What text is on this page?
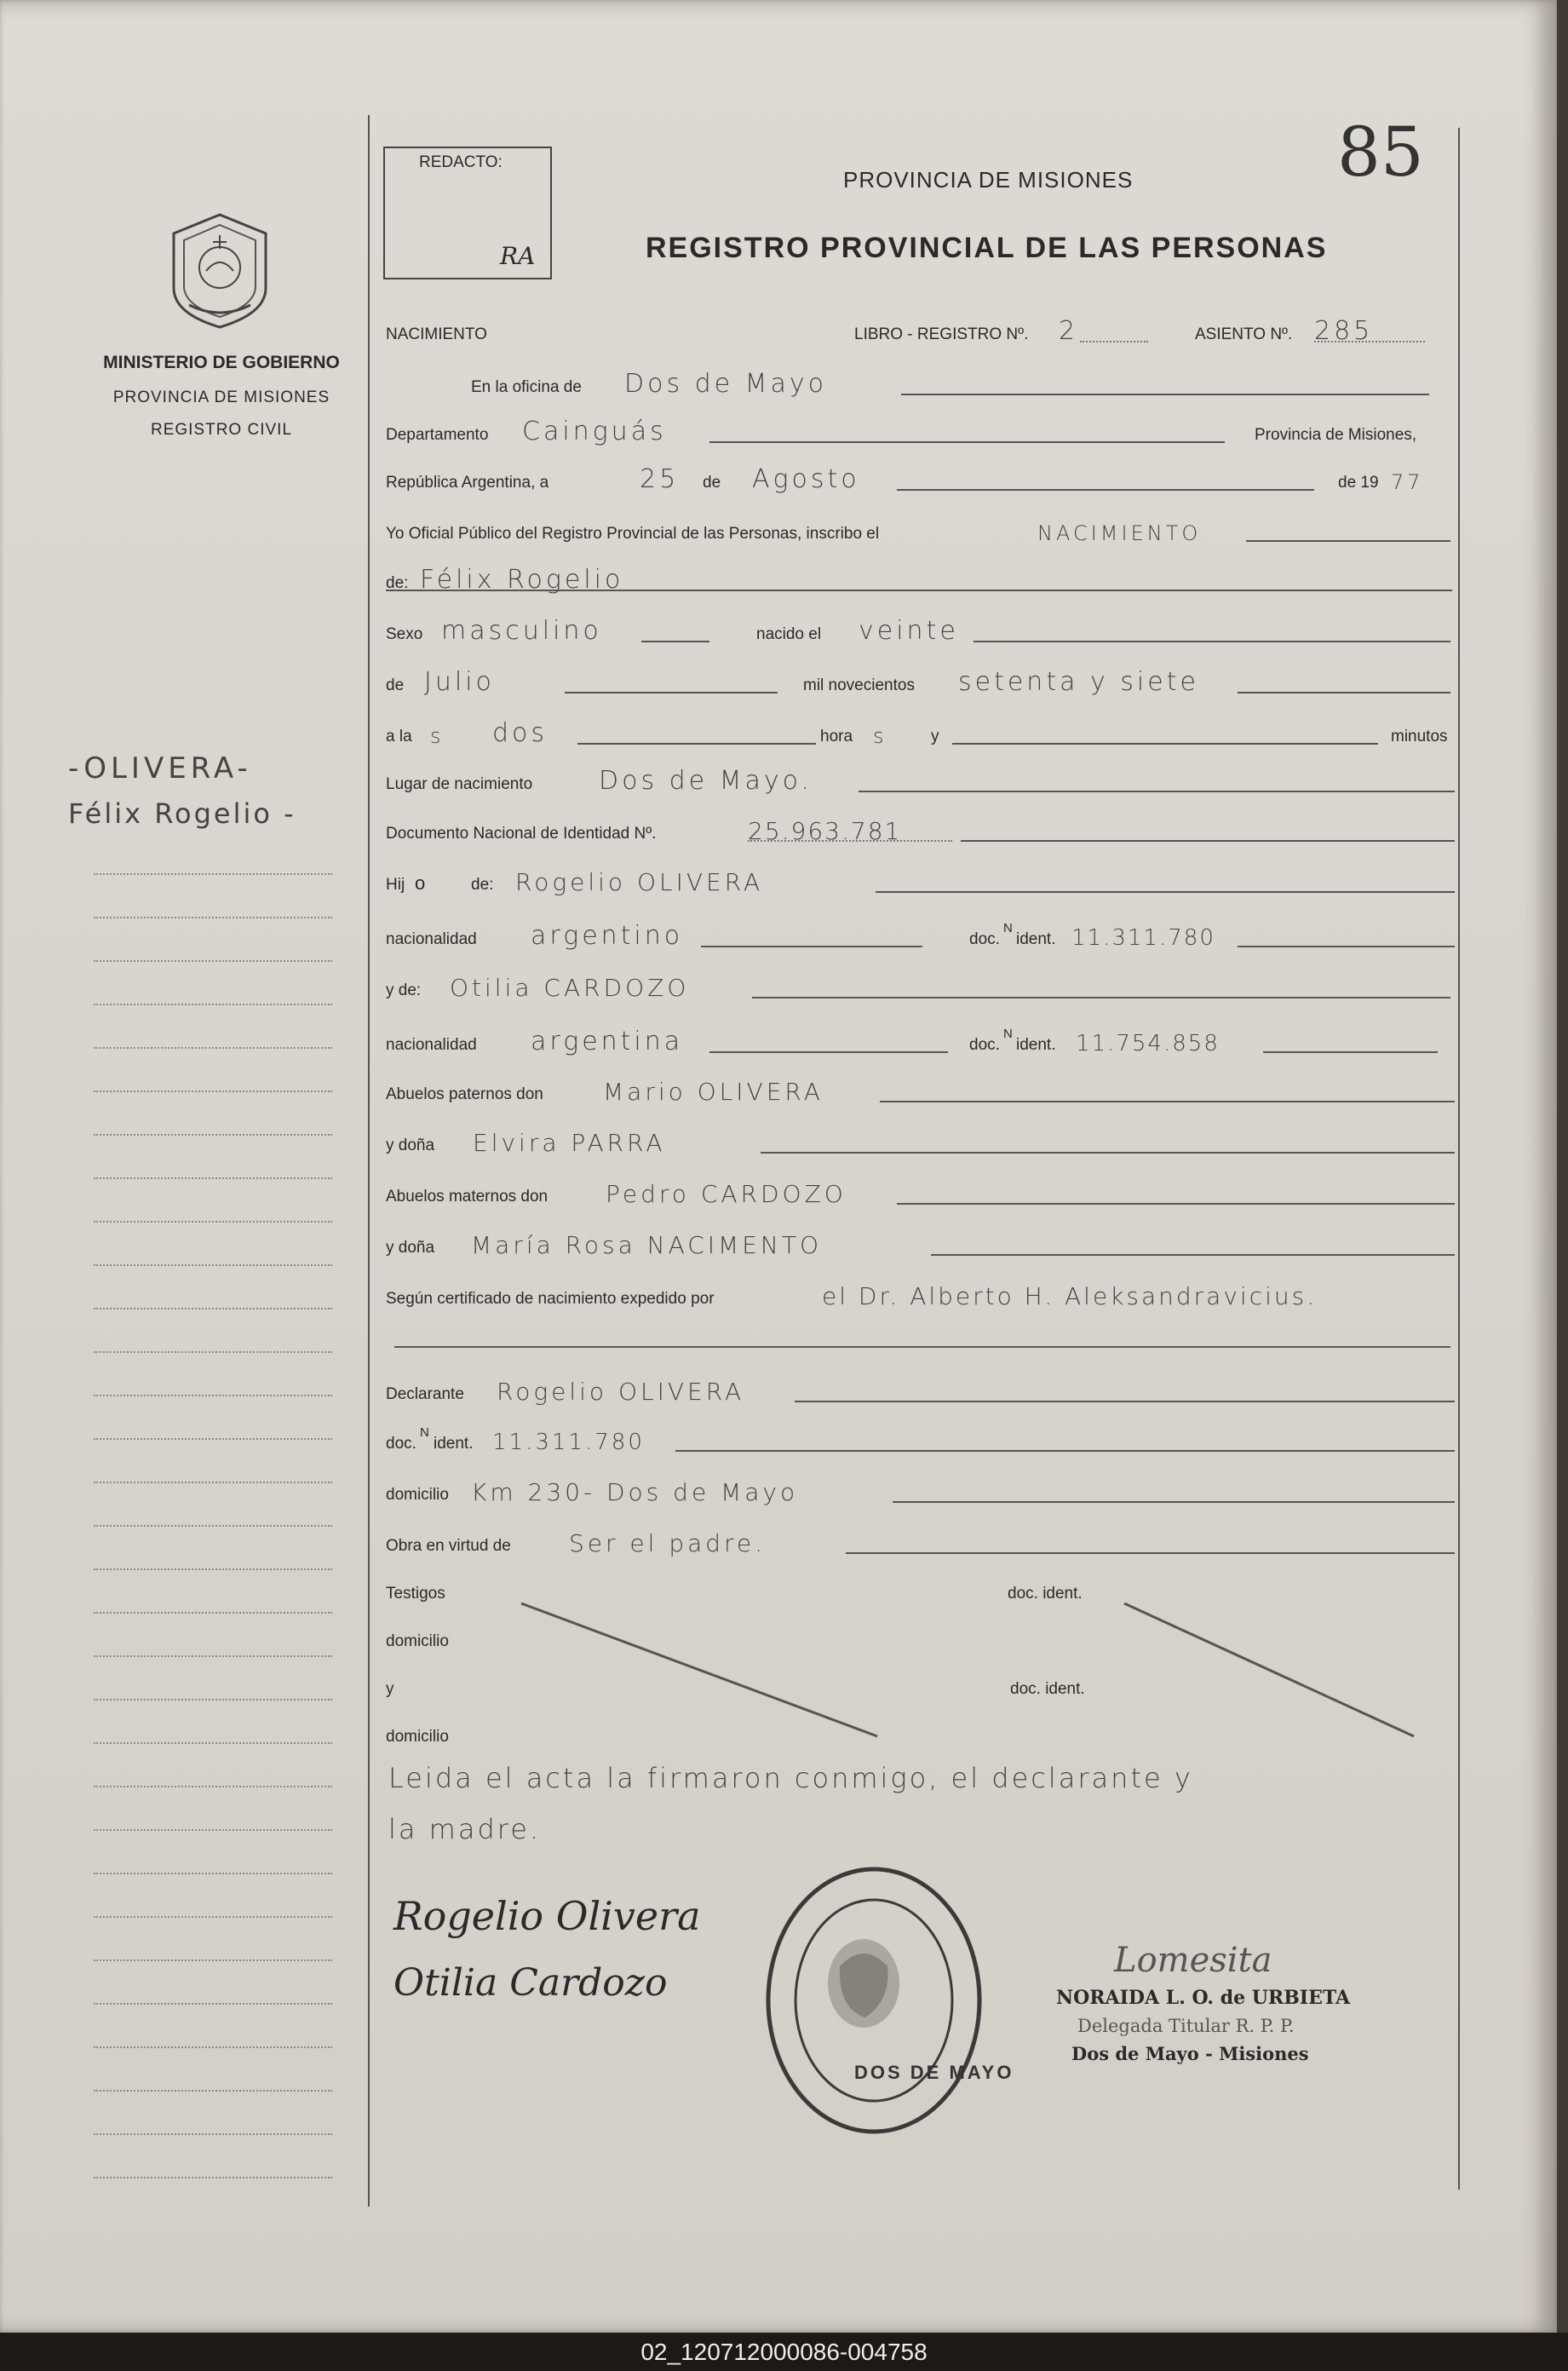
85
REDACTO:
RA
PROVINCIA DE MISIONES
REGISTRO PROVINCIAL DE LAS PERSONAS
MINISTERIO DE GOBIERNO
PROVINCIA DE MISIONES
REGISTRO CIVIL
-OLIVERA-
Félix Rogelio -
NACIMIENTO	LIBRO - REGISTRO Nº. 2	ASIENTO Nº. 285
En la oficina de Dos de Mayo
Departamento Cainguás	Provincia de Misiones,
República Argentina, a	25 de Agosto	de 19 77
Yo Oficial Público del Registro Provincial de las Personas, inscribo el	NACIMIENTO
de: Félix Rogelio
Sexo masculino	nacido el veinte
de Julio	mil novecientos setenta y siete
a la s dos	hora s	y	minutos
Lugar de nacimiento	Dos de Mayo.
Documento Nacional de Identidad Nº.	25.963.781
Hij o	de: Rogelio OLIVERA
nacionalidad argentino	doc.
N
ident. 11.311.780
y de: Otilia CARDOZO
nacionalidad argentina	doc.
N
ident. 11.754.858
Abuelos paternos don	Mario OLIVERA
y doña Elvira PARRA
Abuelos maternos don Pedro CARDOZO
y doña María Rosa NACIMENTO
Según certificado de nacimiento expedido por	el Dr. Alberto H. Aleksandravicius.
Declarante Rogelio OLIVERA
doc.
N
ident. 11.311.780
domicilio Km 230- Dos de Mayo
Obra en virtud de Ser el padre.
Testigos	doc. ident.
domicilio
y	doc. ident.
domicilio
Leida el acta la firmaron conmigo, el declarante y
la madre.
Rogelio Olivera
Otilia Cardozo
Lomesita
NORAIDA L. O. de URBIETA
Delegada Titular R. P. P.
Dos de Mayo - Misiones
DOS DE MAYO
02_120712000086-004758
